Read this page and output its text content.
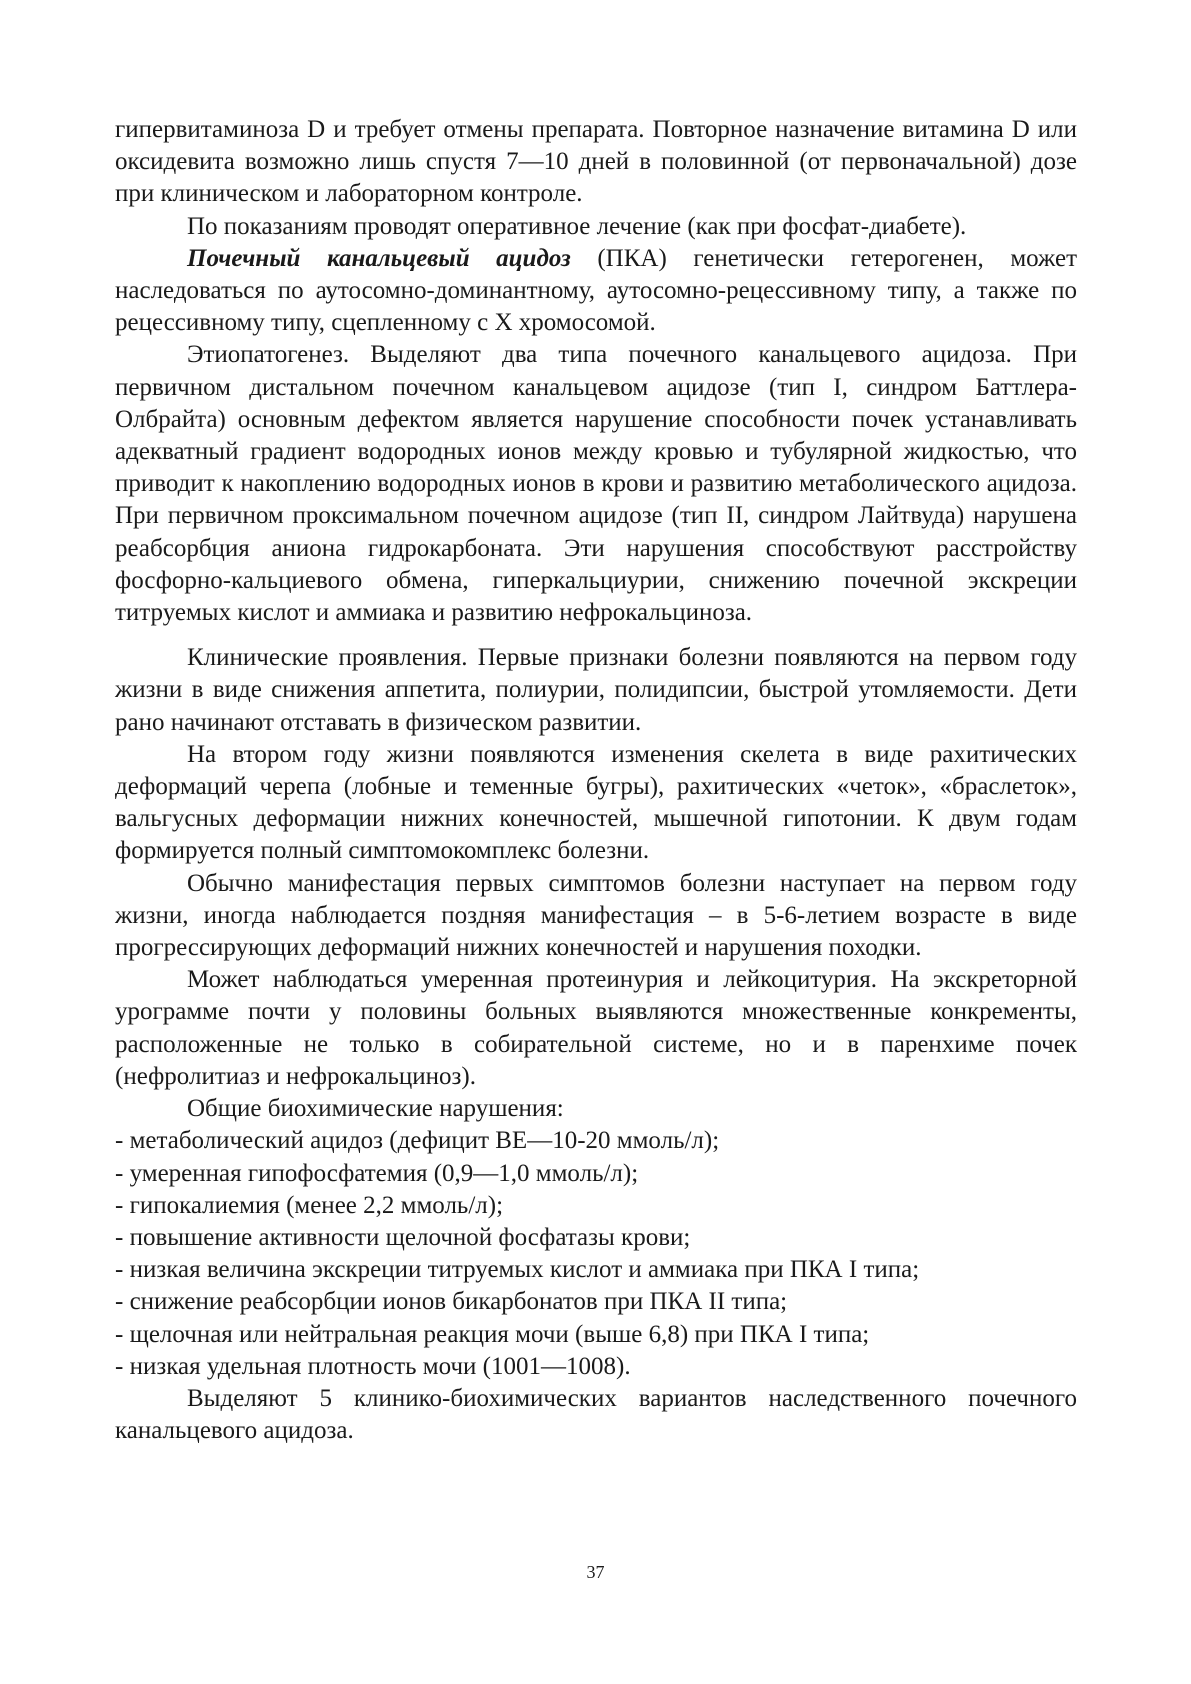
гипервитаминоза D и требует отмены препарата. Повторное назначение витамина D или оксидевита возможно лишь спустя 7—10 дней в половинной (от первоначальной) дозе при клиническом и лабораторном контроле.

По показаниям проводят оперативное лечение (как при фосфат-диабете).

Почечный канальцевый ацидоз (ПКА) генетически гетерогенен, может наследоваться по аутосомно-доминантному, аутосомно-рецессивному типу, а также по рецессивному типу, сцепленному с X хромосомой.

Этиопатогенез. Выделяют два типа почечного канальцевого ацидоза. При первичном дистальном почечном канальцевом ацидозе (тип I, синдром Баттлера-Олбрайта) основным дефектом является нарушение способности почек устанавливать адекватный градиент водородных ионов между кровью и тубулярной жидкостью, что приводит к накоплению водородных ионов в крови и развитию метаболического ацидоза. При первичном проксимальном почечном ацидозе (тип II, синдром Лайтвуда) нарушена реабсорбция аниона гидрокарбоната. Эти нарушения способствуют расстройству фосфорно-кальциевого обмена, гиперкальциурии, снижению почечной экскреции титруемых кислот и аммиака и развитию нефрокальциноза.

Клинические проявления. Первые признаки болезни появляются на первом году жизни в виде снижения аппетита, полиурии, полидипсии, быстрой утомляемости. Дети рано начинают отставать в физическом развитии.

На втором году жизни появляются изменения скелета в виде рахитических деформаций черепа (лобные и теменные бугры), рахитических «четок», «браслеток», вальгусных деформации нижних конечностей, мышечной гипотонии. К двум годам формируется полный симптомокомплекс болезни.

Обычно манифестация первых симптомов болезни наступает на первом году жизни, иногда наблюдается поздняя манифестация – в 5-6-летием возрасте в виде прогрессирующих деформаций нижних конечностей и нарушения походки.

Может наблюдаться умеренная протеинурия и лейкоцитурия. На экскреторной урограмме почти у половины больных выявляются множественные конкременты, расположенные не только в собирательной системе, но и в паренхиме почек (нефролитиаз и нефрокальциноз).

Общие биохимические нарушения:

- метаболический ацидоз (дефицит BE—10-20 ммоль/л);

- умеренная гипофосфатемия (0,9—1,0 ммоль/л);

- гипокалиемия (менее 2,2 ммоль/л);

- повышение активности щелочной фосфатазы крови;

- низкая величина экскреции титруемых кислот и аммиака при ПКА I типа;

- снижение реабсорбции ионов бикарбонатов при ПКА II типа;

- щелочная или нейтральная реакция мочи (выше 6,8) при ПКА I типа;

- низкая удельная плотность мочи (1001—1008).

Выделяют 5 клинико-биохимических вариантов наследственного почечного канальцевого ацидоза.

37
